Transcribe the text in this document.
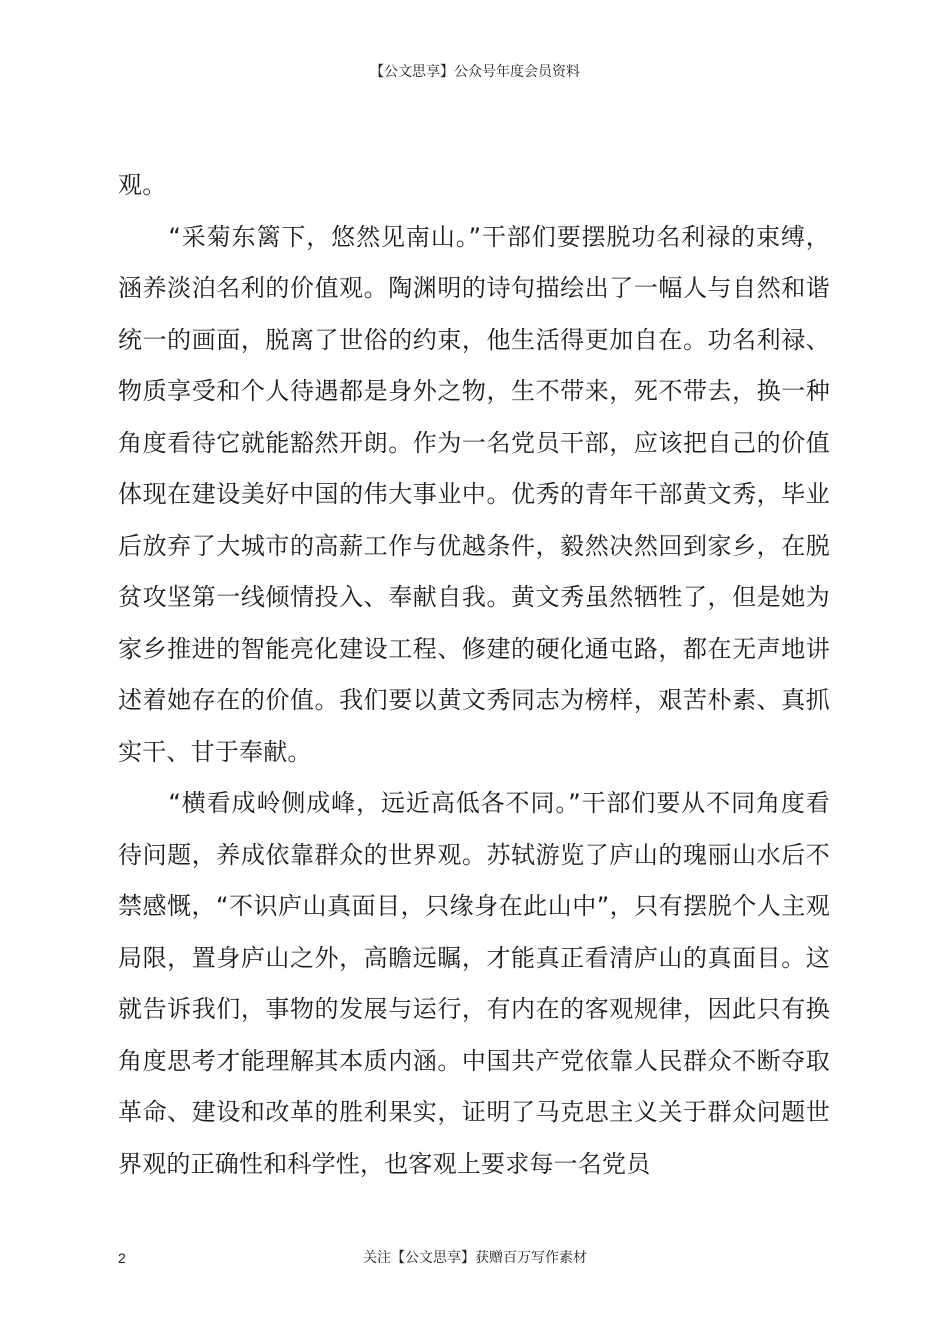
【公文思享】公众号年度会员资料

观。

“采菊东篱下，悠然见南山。”干部们要摆脱功名利禄的束缚，涵养淡泊名利的价值观。陶渊明的诗句描绘出了一幅人与自然和谐统一的画面，脱离了世俗的约束，他生活得更加自在。功名利禄、物质享受和个人待遇都是身外之物，生不带来，死不带去，换一种角度看待它就能豁然开朗。作为一名党员干部，应该把自己的价值体现在建设美好中国的伟大事业中。优秀的青年干部黄文秀，毕业后放弃了大城市的高薪工作与优越条件，毅然决然回到家乡，在脱贫攻坚第一线倾情投入、奉献自我。黄文秀虽然牺牲了，但是她为家乡推进的智能亮化建设工程、修建的硬化通屯路，都在无声地讲述着她存在的价值。我们要以黄文秀同志为榜样，艰苦朴素、真抓实干、甘于奉献。

“横看成岭侧成峰，远近高低各不同。”干部们要从不同角度看待问题，养成依靠群众的世界观。苏轼游览了庐山的瑰丽山水后不禁感慨，“不识庐山真面目，只缘身在此山中”，只有摆脱个人主观局限，置身庐山之外，高瞻远瞩，才能真正看清庐山的真面目。这就告诉我们，事物的发展与运行，有内在的客观规律，因此只有换角度思考才能理解其本质内涵。中国共产党依靠人民群众不断夺取革命、建设和改革的胜利果实，证明了马克思主义关于群众问题世界观的正确性和科学性，也客观上要求每一名党员

2	关注【公文思享】获赠百万写作素材
